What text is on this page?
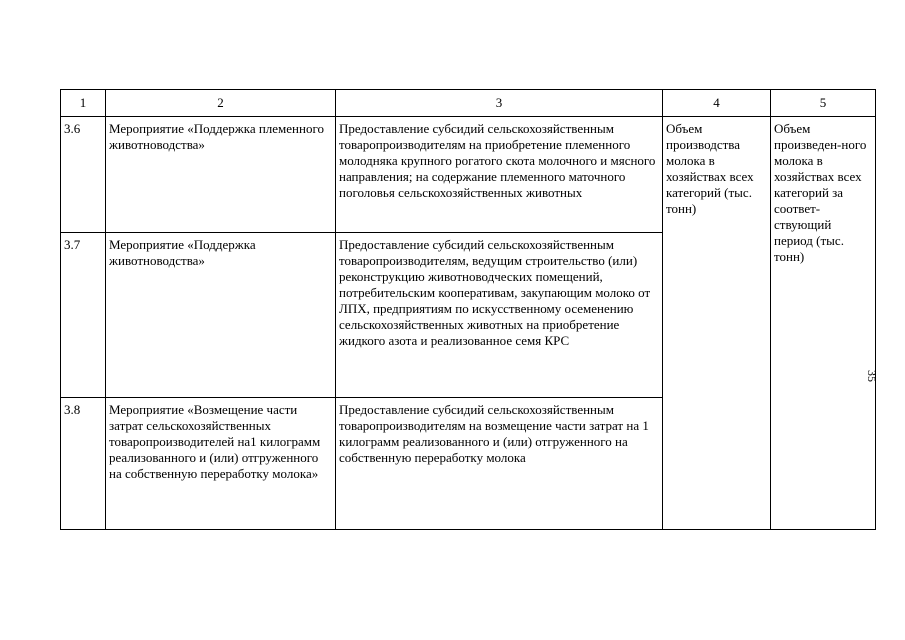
1	2	3	4	5
3.6	Мероприятие «Поддержка племенного животноводства»	Предоставление субсидий сельскохозяйственным товаропроизводителям на приобретение племенного молодняка крупного рогатого скота молочного и мясного направления; на содержание племенного маточного поголовья сельскохозяйственных животных	Объем производства молока в хозяйствах всех категорий (тыс. тонн)	Объем произведен-ного молока в хозяйствах всех категорий за соответ-ствующий период (тыс. тонн)
3.7	Мероприятие «Поддержка животноводства»	Предоставление субсидий сельскохозяйственным товаропроизводителям, ведущим строительство (или) реконструкцию животноводческих помещений, потребительским кооперативам, закупающим молоко от ЛПХ, предприятиям по искусственному осеменению сельскохозяйственных животных на приобретение жидкого азота и реализованное семя КРС		
3.8	Мероприятие «Возмещение части затрат сельскохозяйственных товаропроизводителей на1 килограмм реализованного и (или) отгруженного на собственную переработку молока»	Предоставление субсидий сельскохозяйственным товаропроизводителям на возмещение части затрат на 1 килограмм реализованного и (или) отгруженного на собственную переработку молока		
35
